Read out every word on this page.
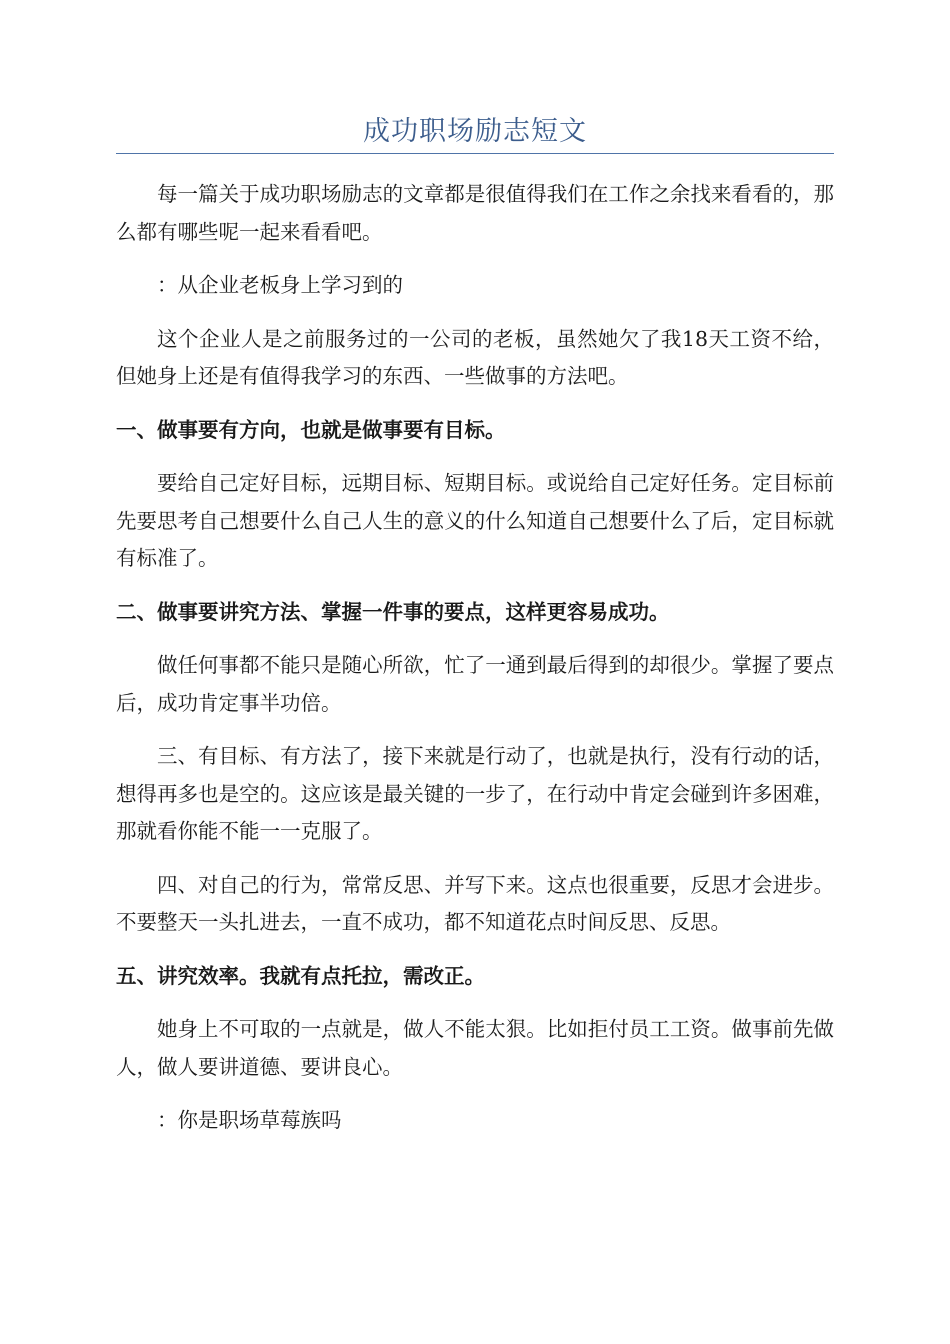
成功职场励志短文

每一篇关于成功职场励志的文章都是很值得我们在工作之余找来看看的，那么都有哪些呢一起来看看吧。

：从企业老板身上学习到的

这个企业人是之前服务过的一公司的老板，虽然她欠了我18天工资不给，但她身上还是有值得我学习的东西、一些做事的方法吧。

一、做事要有方向，也就是做事要有目标。

要给自己定好目标，远期目标、短期目标。或说给自己定好任务。定目标前先要思考自己想要什么自己人生的意义的什么知道自己想要什么了后，定目标就有标准了。

二、做事要讲究方法、掌握一件事的要点，这样更容易成功。

做任何事都不能只是随心所欲，忙了一通到最后得到的却很少。掌握了要点后，成功肯定事半功倍。

三、有目标、有方法了，接下来就是行动了，也就是执行，没有行动的话，想得再多也是空的。这应该是最关键的一步了，在行动中肯定会碰到许多困难，那就看你能不能一一克服了。

四、对自己的行为，常常反思、并写下来。这点也很重要，反思才会进步。不要整天一头扎进去，一直不成功，都不知道花点时间反思、反思。

五、讲究效率。我就有点托拉，需改正。

她身上不可取的一点就是，做人不能太狠。比如拒付员工工资。做事前先做人，做人要讲道德、要讲良心。

：你是职场草莓族吗
